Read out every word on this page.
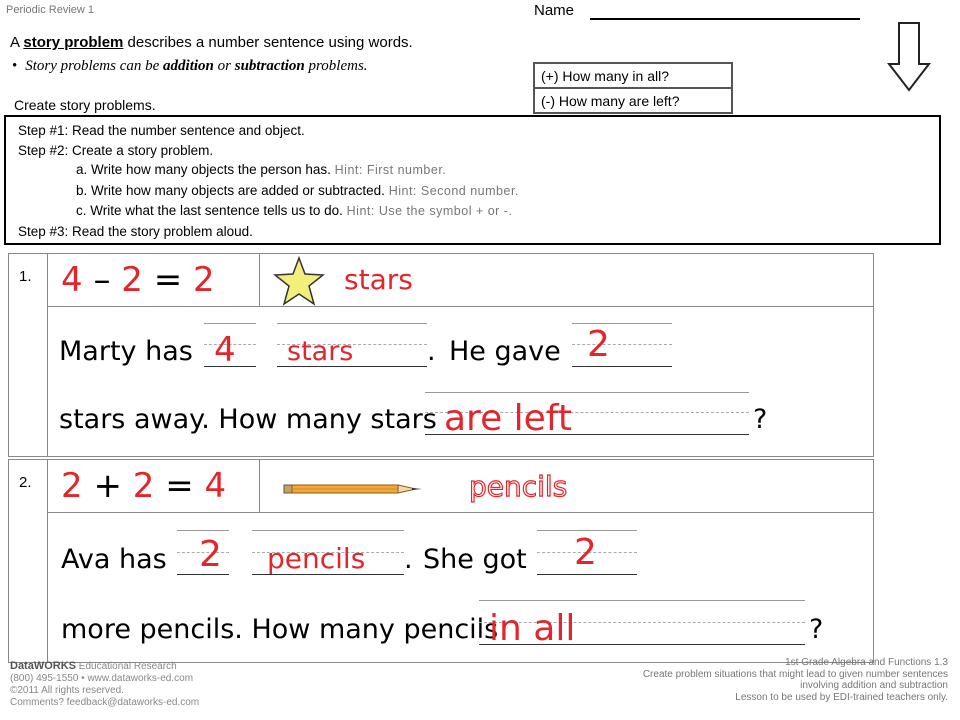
Periodic Review 1	Name
A story problem describes a number sentence using words.
• Story problems can be addition or subtraction problems.
(+) How many in all?
(-) How many are left?
Create story problems.
Step #1: Read the number sentence and object.
Step #2: Create a story problem.
a. Write how many objects the person has. Hint: First number.
b. Write how many objects are added or subtracted. Hint: Second number.
c. Write what the last sentence tells us to do. Hint: Use the symbol + or -.
Step #3: Read the story problem aloud.
1. 4 – 2 = 2	stars
Marty has 4 stars	. He gave 2
stars away. How many stars are left	?
2. 2 + 2 = 4	pencils
Ava has 2 pencils . She got 2
more pencils. How many pencils
in all	?
DataWORKS Educational Research
(800) 495-1550 • www.dataworks-ed.com
©2011 All rights reserved.
Comments? feedback@dataworks-ed.com
1st Grade Algebra and Functions 1.3
Create problem situations that might lead to given number sentences
involving addition and subtraction
Lesson to be used by EDI-trained teachers only.
